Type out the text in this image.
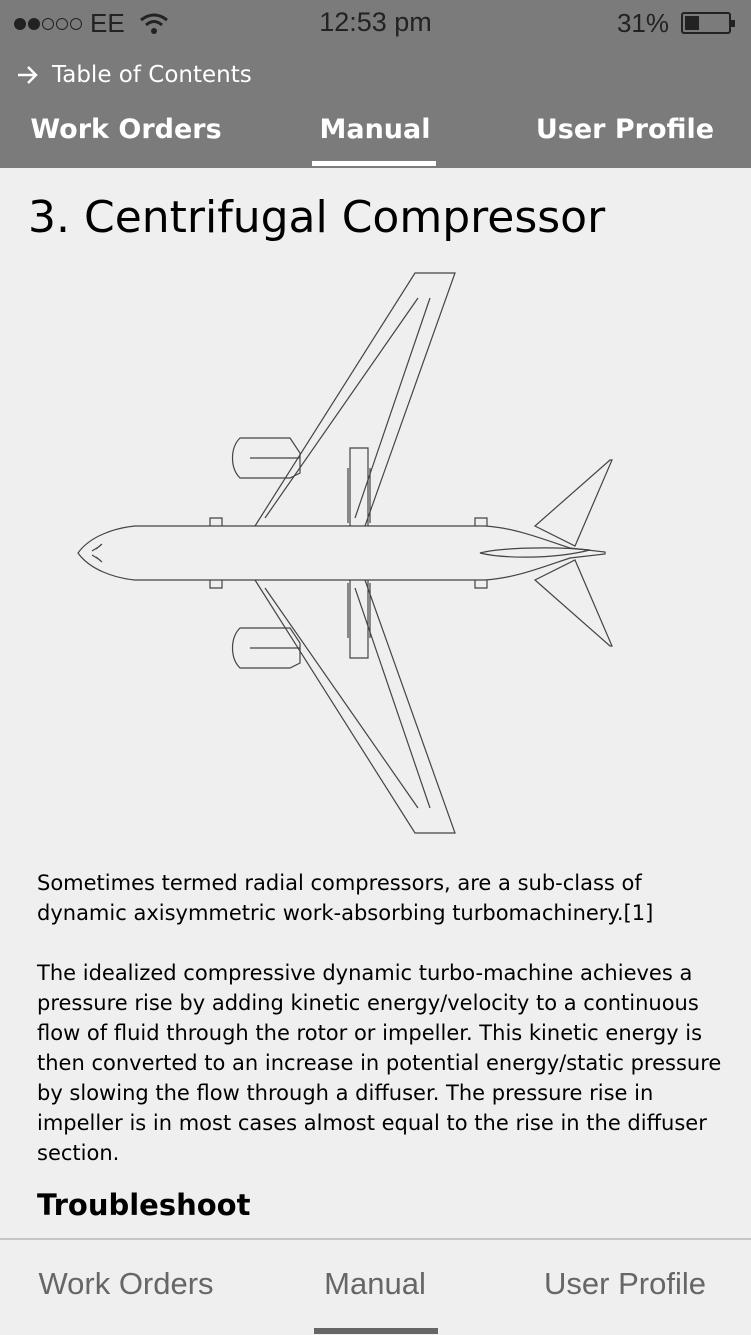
EE	12:53 pm	31%
Table of Contents
Work Orders	Manual	User Profile
3. Centrifugal Compressor

Sometimes termed radial compressors, are a sub-class of dynamic axisymmetric work-absorbing turbomachinery.[1]

The idealized compressive dynamic turbo-machine achieves a pressure rise by adding kinetic energy/velocity to a continuous flow of fluid through the rotor or impeller. This kinetic energy is then converted to an increase in potential energy/static pressure by slowing the flow through a diffuser. The pressure rise in impeller is in most cases almost equal to the rise in the diffuser section.

Troubleshoot
Work Orders	Manual	User Profile
